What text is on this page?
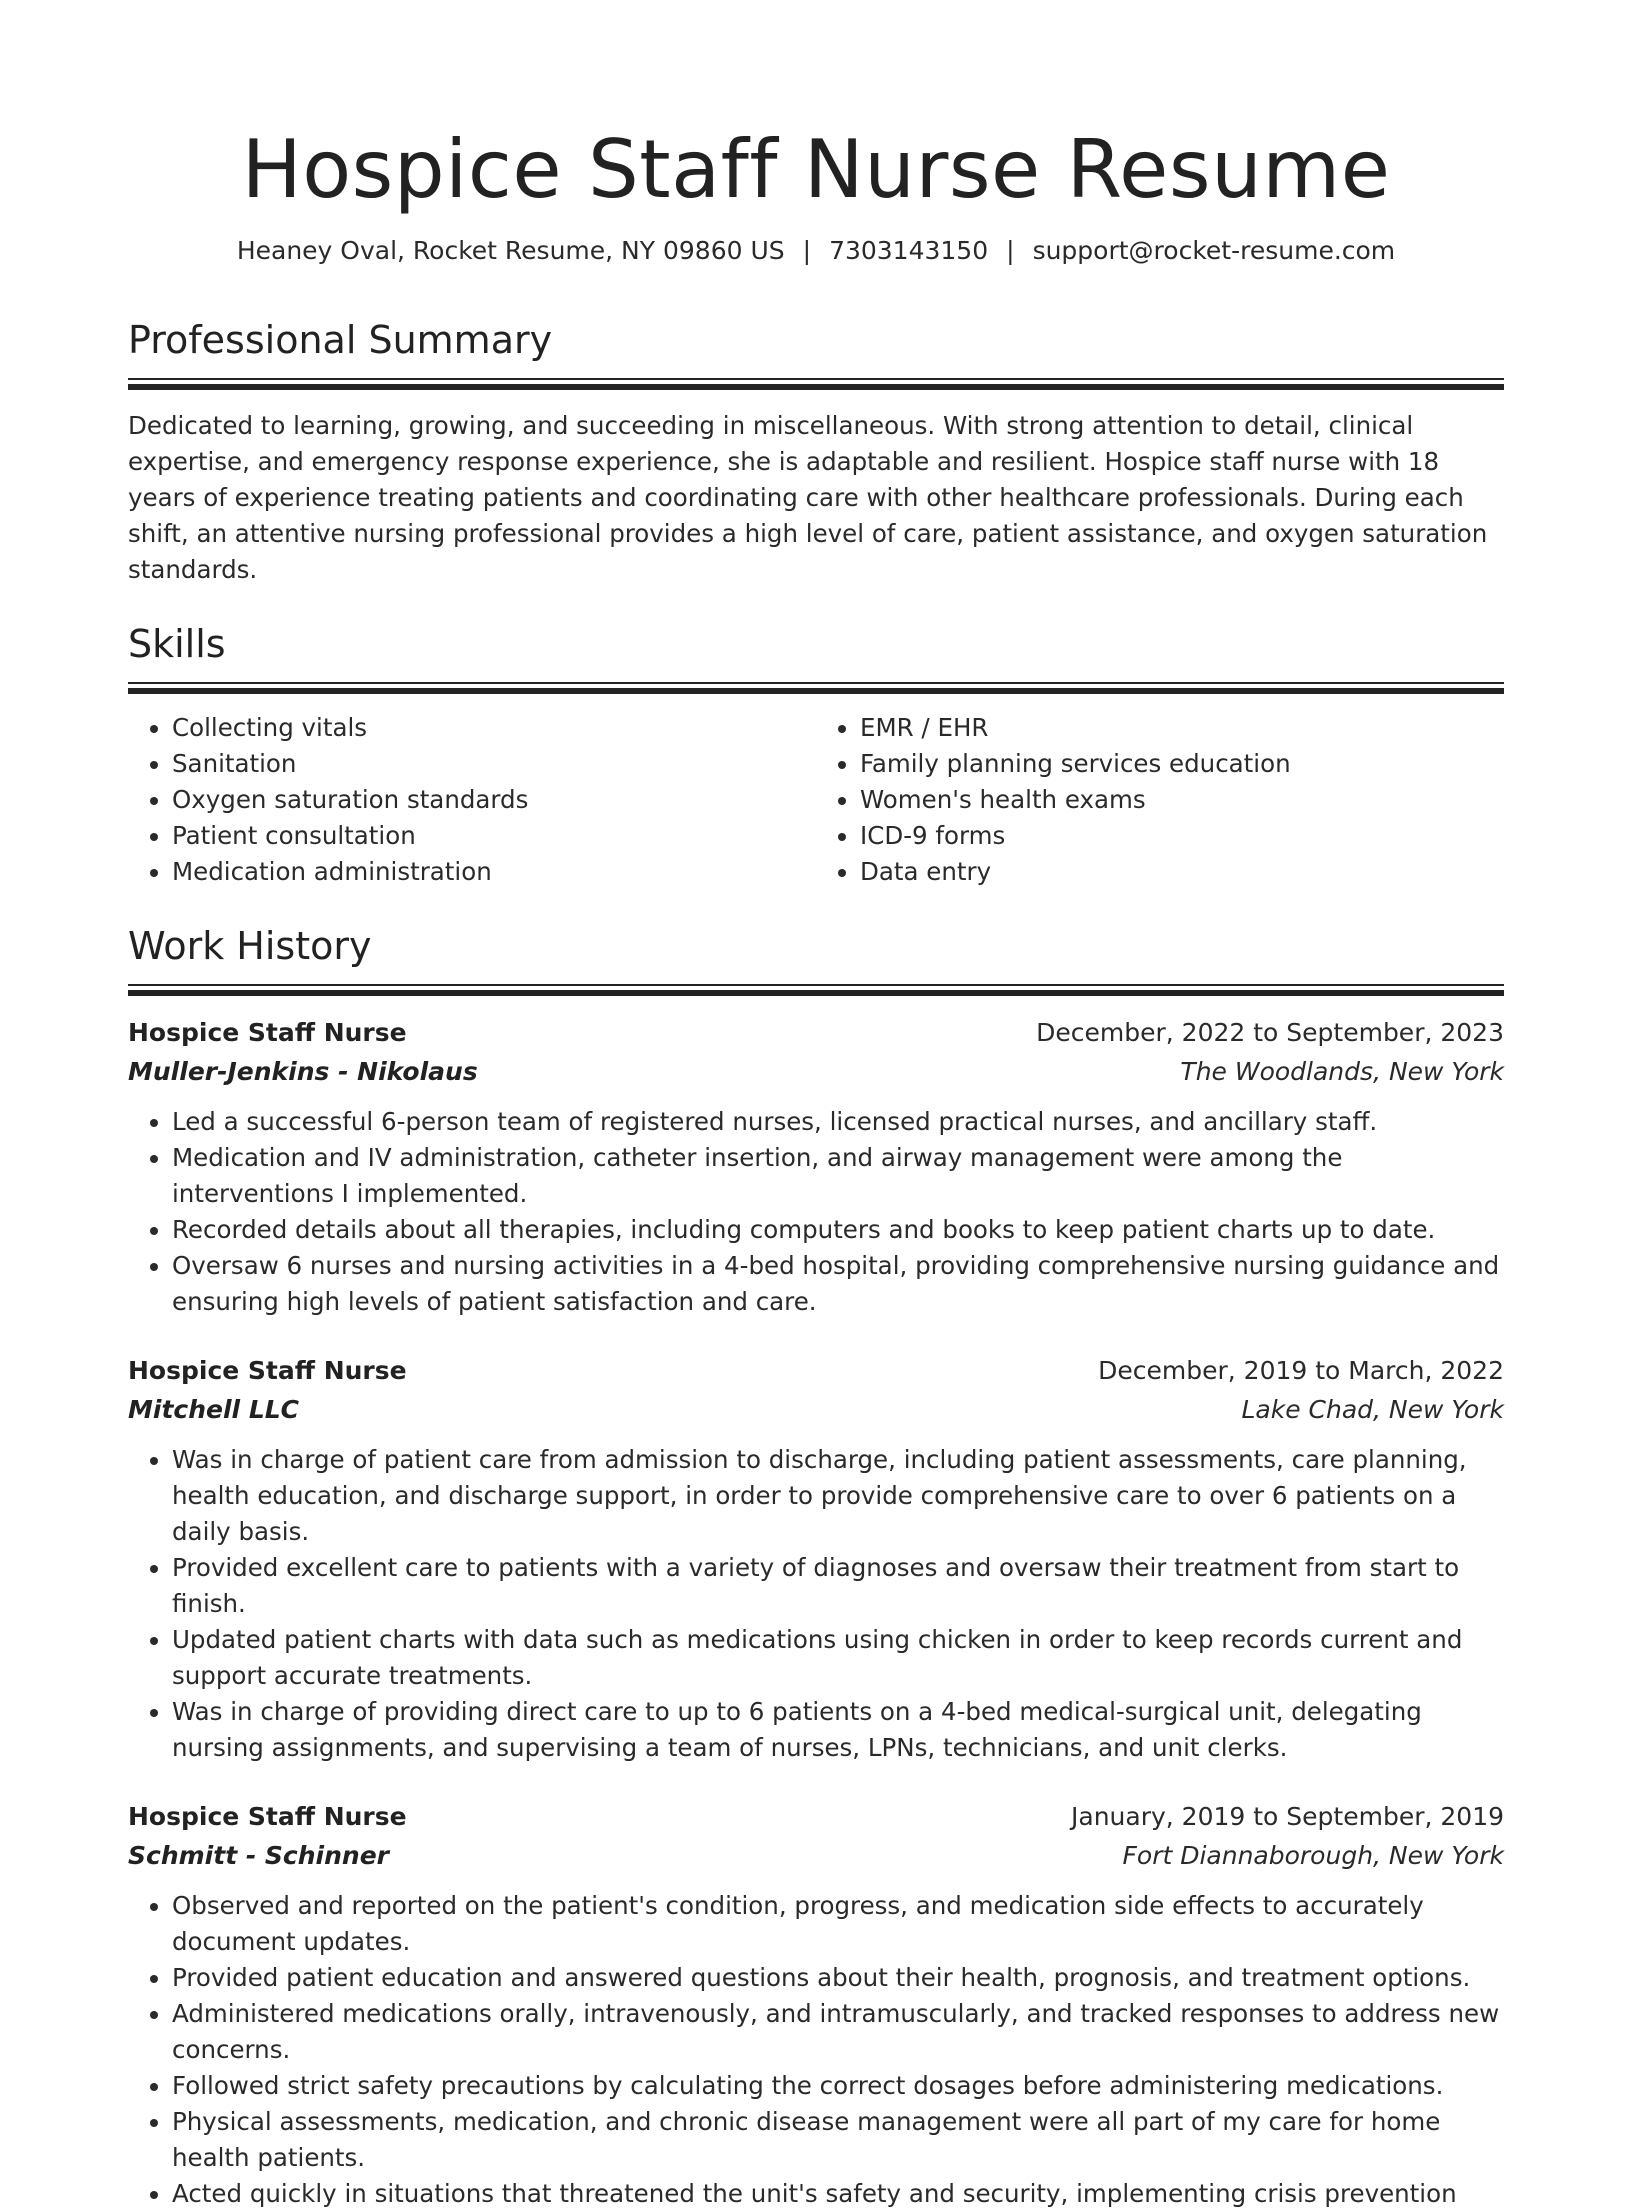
Hospice Staff Nurse Resume
Heaney Oval, Rocket Resume, NY 09860 US | 7303143150 | support@rocket-resume.com
Professional Summary

Dedicated to learning, growing, and succeeding in miscellaneous. With strong attention to detail, clinical expertise, and emergency response experience, she is adaptable and resilient. Hospice staff nurse with 18 years of experience treating patients and coordinating care with other healthcare professionals. During each shift, an attentive nursing professional provides a high level of care, patient assistance, and oxygen saturation standards.

Skills
• Collecting vitals
• Sanitation
• Oxygen saturation standards
• Patient consultation
• Medication administration
• EMR / EHR
• Family planning services education
• Women's health exams
• ICD-9 forms
• Data entry
Work History
Hospice Staff Nurse	December, 2022 to September, 2023
Muller-Jenkins - Nikolaus	The Woodlands, New York
• Led a successful 6-person team of registered nurses, licensed practical nurses, and ancillary staff.
• Medication and IV administration, catheter insertion, and airway management were among the interventions I implemented.
• Recorded details about all therapies, including computers and books to keep patient charts up to date.
• Oversaw 6 nurses and nursing activities in a 4-bed hospital, providing comprehensive nursing guidance and ensuring high levels of patient satisfaction and care.
Hospice Staff Nurse	December, 2019 to March, 2022
Mitchell LLC	Lake Chad, New York
• Was in charge of patient care from admission to discharge, including patient assessments, care planning, health education, and discharge support, in order to provide comprehensive care to over 6 patients on a daily basis.
• Provided excellent care to patients with a variety of diagnoses and oversaw their treatment from start to finish.
• Updated patient charts with data such as medications using chicken in order to keep records current and support accurate treatments.
• Was in charge of providing direct care to up to 6 patients on a 4-bed medical-surgical unit, delegating nursing assignments, and supervising a team of nurses, LPNs, technicians, and unit clerks.
Hospice Staff Nurse	January, 2019 to September, 2019
Schmitt - Schinner	Fort Diannaborough, New York
• Observed and reported on the patient's condition, progress, and medication side effects to accurately document updates.
• Provided patient education and answered questions about their health, prognosis, and treatment options.
• Administered medications orally, intravenously, and intramuscularly, and tracked responses to address new concerns.
• Followed strict safety precautions by calculating the correct dosages before administering medications.
• Physical assessments, medication, and chronic disease management were all part of my care for home health patients.
• Acted quickly in situations that threatened the unit's safety and security, implementing crisis prevention
